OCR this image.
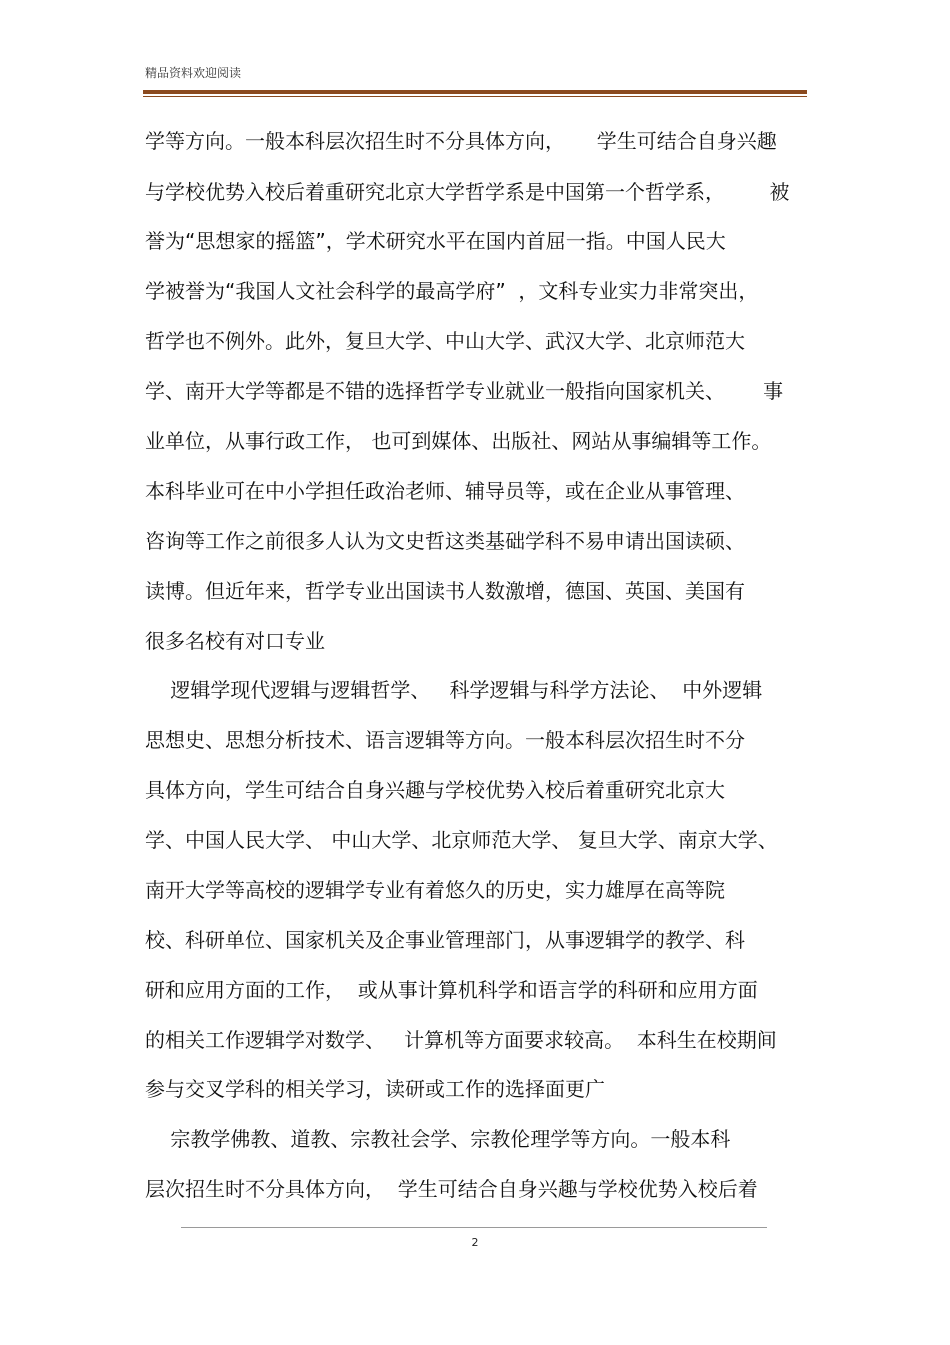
精品资料欢迎阅读
学等方向。一般本科层次招生时不分具体方向，     学生可结合自身兴趣
与学校优势入校后着重研究北京大学哲学系是中国第一个哲学系，       被
誉为“思想家的摇篮”，学术研究水平在国内首屈一指。中国人民大
学被誉为“我国人文社会科学的最高学府”  ，文科专业实力非常突出，
哲学也不例外。此外，复旦大学、中山大学、武汉大学、北京师范大
学、南开大学等都是不错的选择哲学专业就业一般指向国家机关、      事
业单位，从事行政工作， 也可到媒体、出版社、网站从事编辑等工作。
本科毕业可在中小学担任政治老师、辅导员等，或在企业从事管理、
咨询等工作之前很多人认为文史哲这类基础学科不易申请出国读硕、
读博。但近年来，哲学专业出国读书人数激增，德国、英国、美国有
很多名校有对口专业
逻辑学现代逻辑与逻辑哲学、   科学逻辑与科学方法论、  中外逻辑
思想史、思想分析技术、语言逻辑等方向。一般本科层次招生时不分
具体方向，学生可结合自身兴趣与学校优势入校后着重研究北京大
学、中国人民大学、 中山大学、北京师范大学、 复旦大学、南京大学、
南开大学等高校的逻辑学专业有着悠久的历史，实力雄厚在高等院
校、科研单位、国家机关及企事业管理部门，从事逻辑学的教学、科
研和应用方面的工作，  或从事计算机科学和语言学的科研和应用方面
的相关工作逻辑学对数学、   计算机等方面要求较高。  本科生在校期间
参与交叉学科的相关学习，读研或工作的选择面更广
宗教学佛教、道教、宗教社会学、宗教伦理学等方向。一般本科
层次招生时不分具体方向，  学生可结合自身兴趣与学校优势入校后着
2
